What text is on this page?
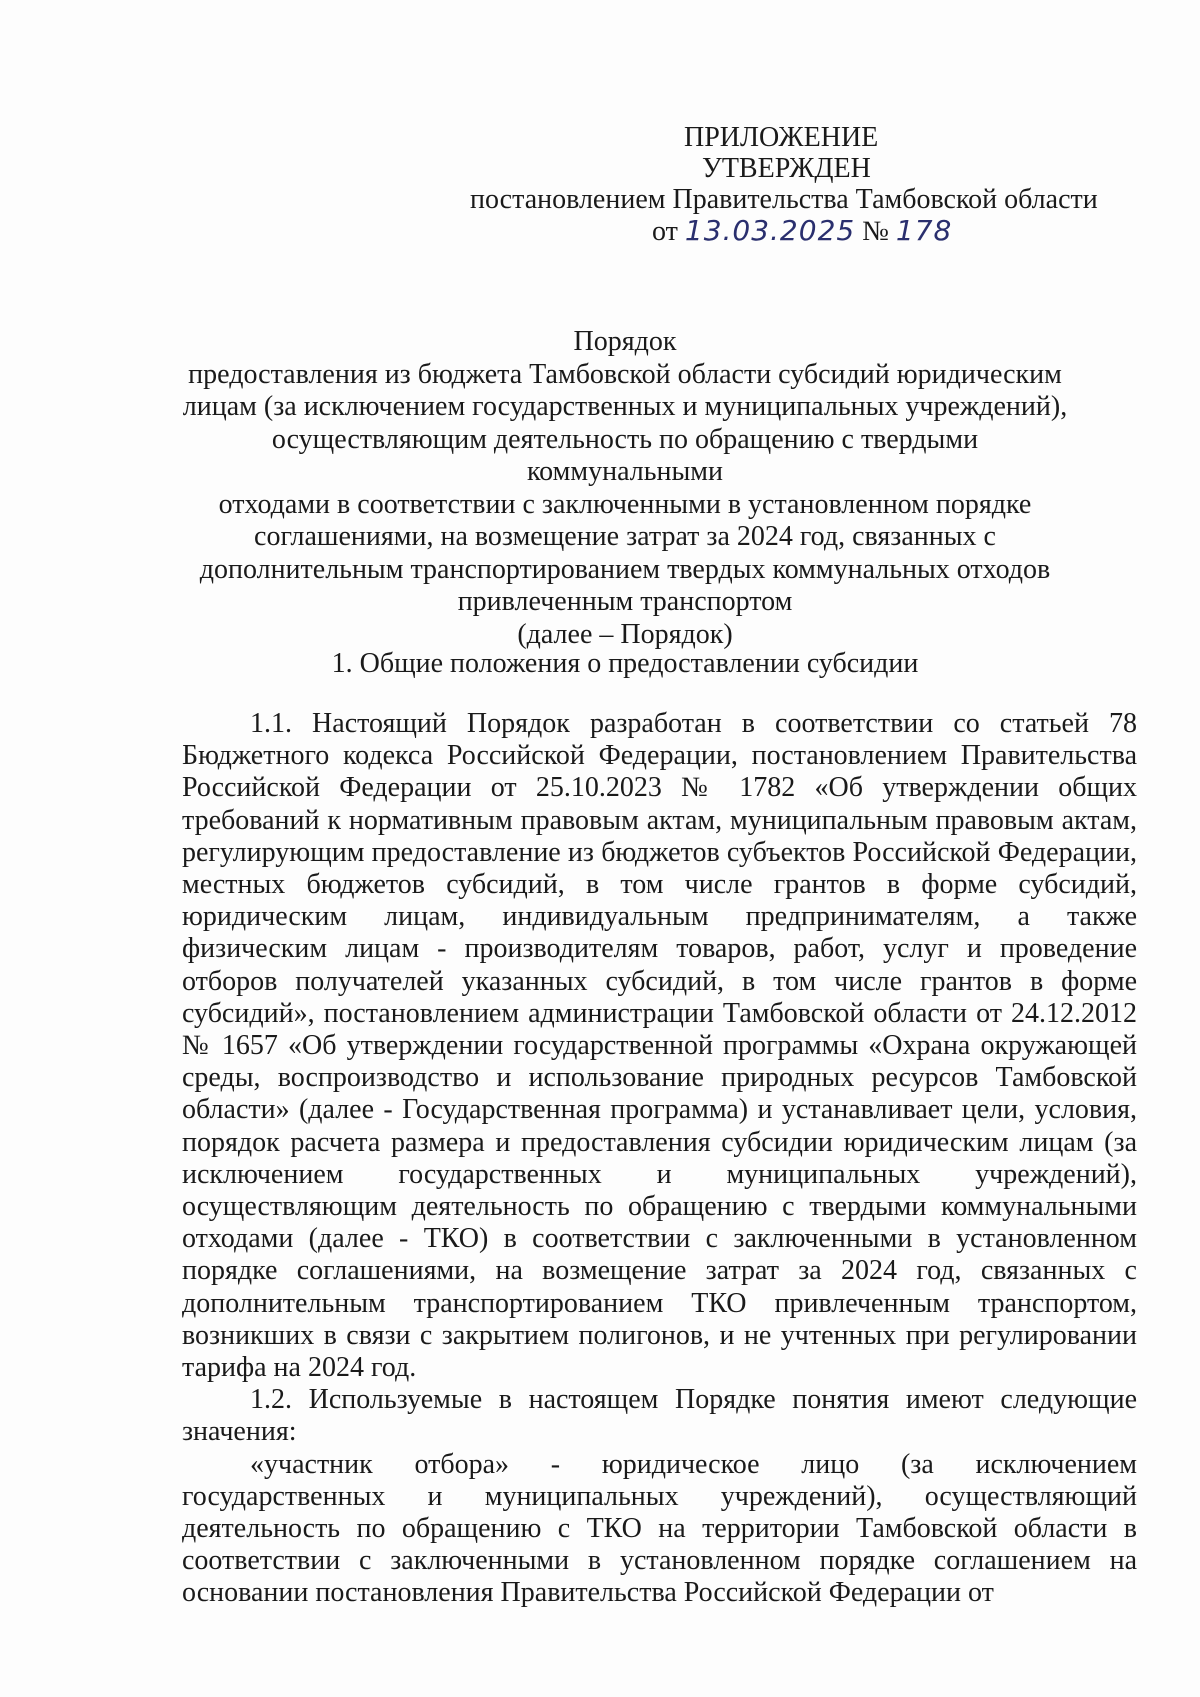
ПРИЛОЖЕНИЕ
УТВЕРЖДЕН
постановлением Правительства Тамбовской области
от 13.03.2025 № 178
Порядок
предоставления из бюджета Тамбовской области субсидий юридическим
лицам (за исключением государственных и муниципальных учреждений),
осуществляющим деятельность по обращению с твердыми коммунальными
отходами в соответствии с заключенными в установленном порядке
соглашениями, на возмещение затрат за 2024 год, связанных с
дополнительным транспортированием твердых коммунальных отходов
привлеченным транспортом
(далее – Порядок)
1. Общие положения о предоставлении субсидии

1.1. Настоящий Порядок разработан в соответствии со статьей 78 Бюджетного кодекса Российской Федерации, постановлением Правительства Российской Федерации от 25.10.2023 № 1782 «Об утверждении общих требований к нормативным правовым актам, муниципальным правовым актам, регулирующим предоставление из бюджетов субъектов Российской Федерации, местных бюджетов субсидий, в том числе грантов в форме субсидий, юридическим лицам, индивидуальным предпринимателям, а также физическим лицам - производителям товаров, работ, услуг и проведение отборов получателей указанных субсидий, в том числе грантов в форме субсидий», постановлением администрации Тамбовской области от 24.12.2012 № 1657 «Об утверждении государственной программы «Охрана окружающей среды, воспроизводство и использование природных ресурсов Тамбовской области» (далее - Государственная программа) и устанавливает цели, условия, порядок расчета размера и предоставления субсидии юридическим лицам (за исключением государственных и муниципальных учреждений), осуществляющим деятельность по обращению с твердыми коммунальными отходами (далее - ТКО) в соответствии с заключенными в установленном порядке соглашениями, на возмещение затрат за 2024 год, связанных с дополнительным транспортированием ТКО привлеченным транспортом, возникших в связи с закрытием полигонов, и не учтенных при регулировании тарифа на 2024 год.

1.2. Используемые в настоящем Порядке понятия имеют следующие значения:

«участник отбора» - юридическое лицо (за исключением государственных и муниципальных учреждений), осуществляющий деятельность по обращению с ТКО на территории Тамбовской области в соответствии с заключенными в установленном порядке соглашением на основании постановления Правительства Российской Федерации от
